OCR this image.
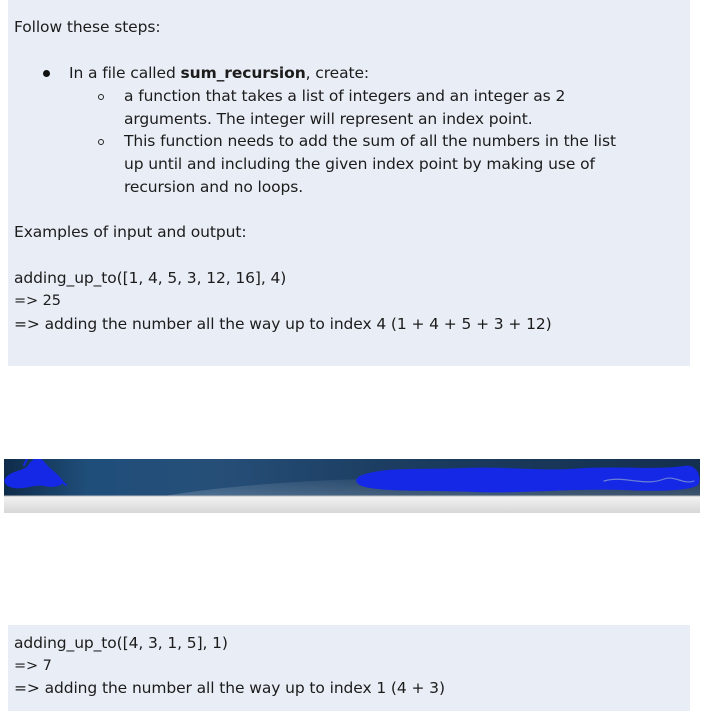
Follow these steps:
In a file called sum_recursion, create:
a function that takes a list of integers and an integer as 2
arguments. The integer will represent an index point.
This function needs to add the sum of all the numbers in the list
up until and including the given index point by making use of
recursion and no loops.
Examples of input and output:
adding_up_to([1, 4, 5, 3, 12, 16], 4)
=> 25
=> adding the number all the way up to index 4 (1 + 4 + 5 + 3 + 12)
adding_up_to([4, 3, 1, 5], 1)
=> 7
=> adding the number all the way up to index 1 (4 + 3)
